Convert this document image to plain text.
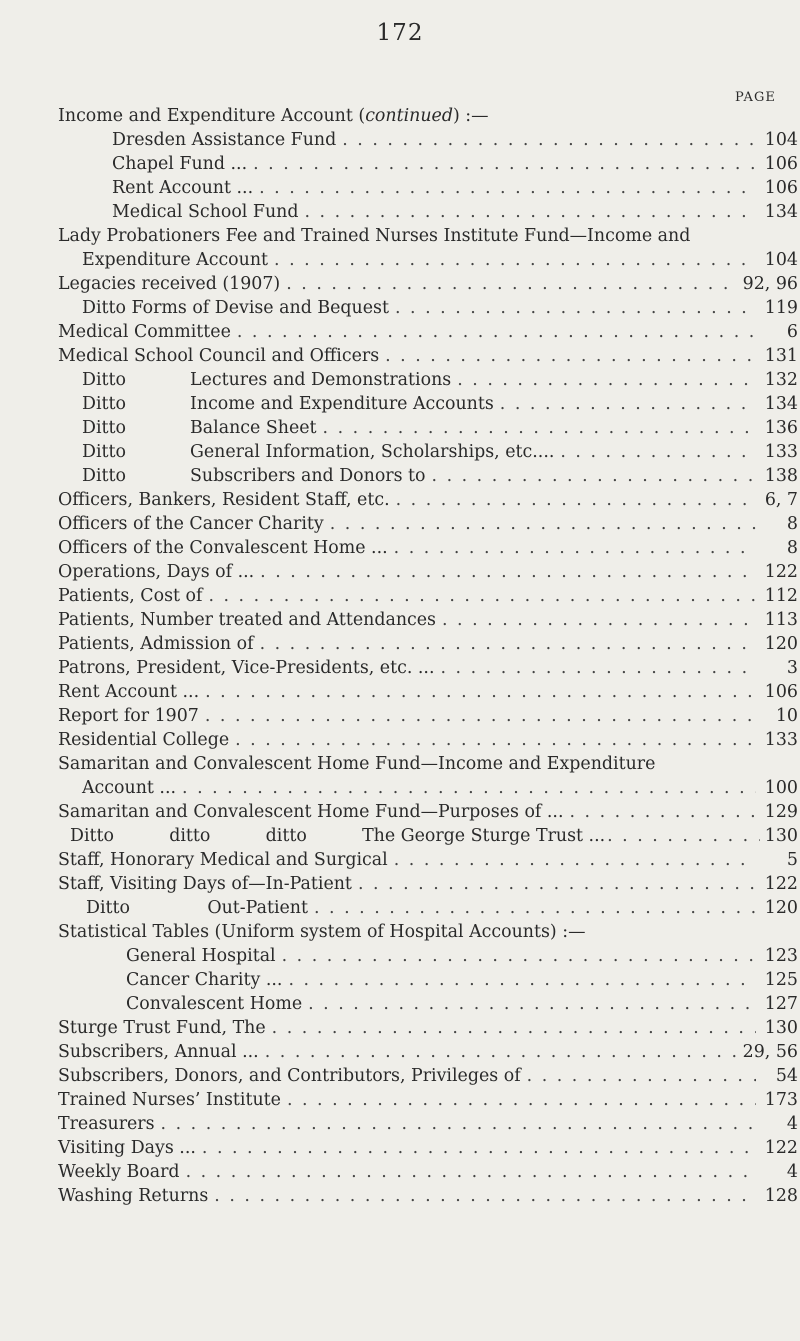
172
PAGE
Income and Expenditure Account (continued) :—
Dresden Assistance Fund . . .	104
Chapel Fund ... . . .	106
Rent Account ... . . .	106
Medical School Fund . . .	134
Lady Probationers Fee and Trained Nurses Institute Fund—Income and
Expenditure Account . . .	104
Legacies received (1907) . . .	92, 96
Ditto Forms of Devise and Bequest . . .	119
Medical Committee . . .	6
Medical School Council and Officers . . .	131
Ditto	Lectures and Demonstrations . . .	132
Ditto	Income and Expenditure Accounts . . .	134
Ditto	Balance Sheet . . .	136
Ditto	General Information, Scholarships, etc.... . . .	133
Ditto	Subscribers and Donors to . . .	138
Officers, Bankers, Resident Staff, etc. . . .	6, 7
Officers of the Cancer Charity . . .	8
Officers of the Convalescent Home ... . . .	8
Operations, Days of ... . . .	122
Patients, Cost of . . .	112
Patients, Number treated and Attendances . . .	113
Patients, Admission of . . .	120
Patrons, President, Vice-Presidents, etc. ... . . .	3
Rent Account ... . . .	106
Report for 1907 . . .	10
Residential College . . .	133
Samaritan and Convalescent Home Fund—Income and Expenditure
Account ... . . .	100
Samaritan and Convalescent Home Fund—Purposes of ... . . .	129
Ditto          ditto          ditto          The George Sturge Trust ... . . .	130
Staff, Honorary Medical and Surgical . . .	5
Staff, Visiting Days of—In-Patient . . .	122
Ditto              Out-Patient . . .	120
Statistical Tables (Uniform system of Hospital Accounts) :—
General Hospital . . .	123
Cancer Charity ... . . .	125
Convalescent Home . . .	127
Sturge Trust Fund, The . . .	130
Subscribers, Annual ... . . .	29, 56
Subscribers, Donors, and Contributors, Privileges of . . .	54
Trained Nurses’ Institute . . .	173
Treasurers . . .	4
Visiting Days ... . . .	122
Weekly Board . . .	4
Washing Returns . . .	128
